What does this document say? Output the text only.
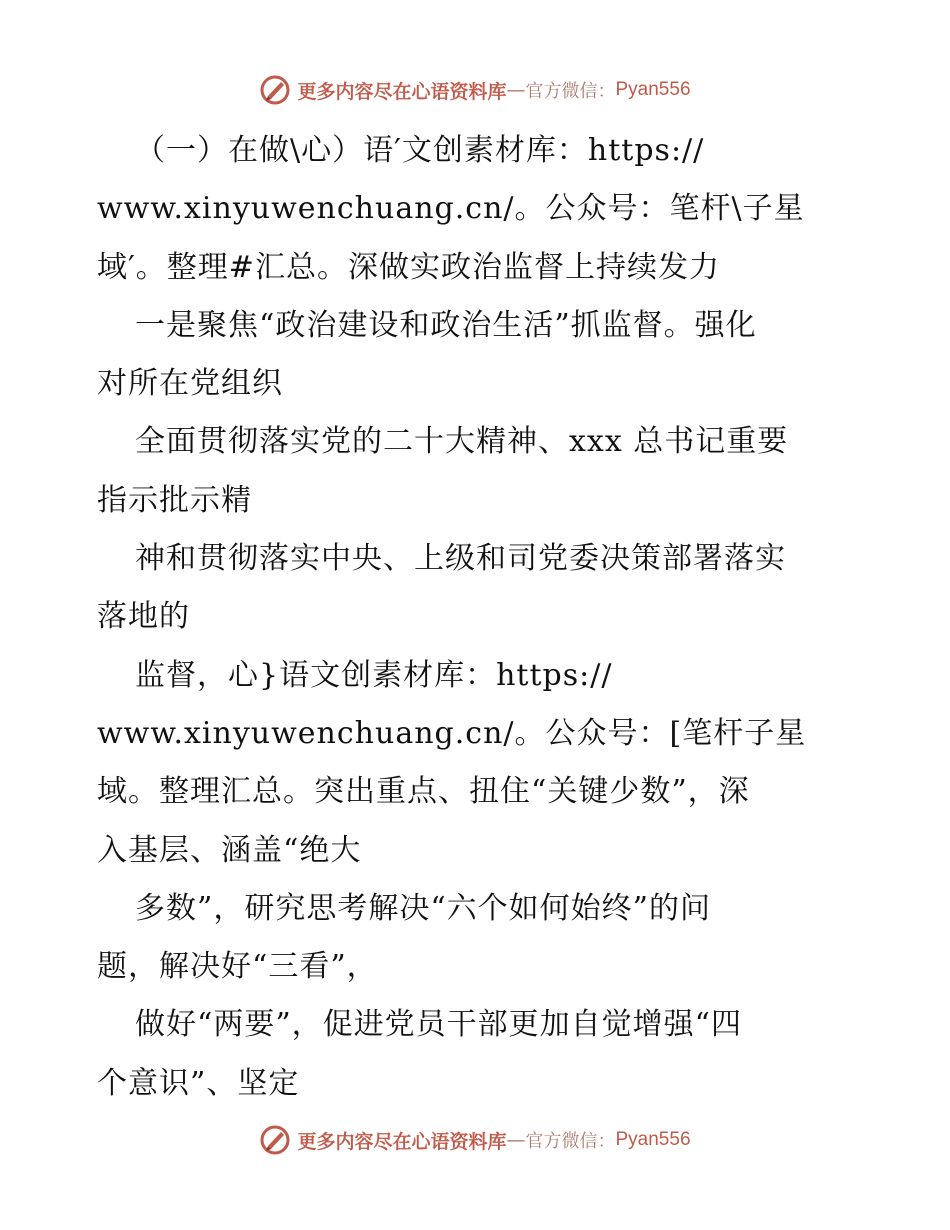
更多内容尽在心语资料库 — 官方微信： Pyan556
（一）在做\心）语′文创素材库：https://
www.xinyuwenchuang.cn/。公众号：笔杆\子星
域′。整理#汇总。深做实政治监督上持续发力
一是聚焦“政治建设和政治生活”抓监督。强化
对所在党组织
全面贯彻落实党的二十大精神、xxx 总书记重要
指示批示精
神和贯彻落实中央、上级和司党委决策部署落实
落地的
监督，心}语文创素材库：https://
www.xinyuwenchuang.cn/。公众号：[笔杆子星
域。整理汇总。突出重点、扭住“关键少数”，深
入基层、涵盖“绝大
多数”，研究思考解决“六个如何始终”的问
题，解决好“三看”，
做好“两要”，促进党员干部更加自觉增强“四
个意识”、坚定
更多内容尽在心语资料库 — 官方微信： Pyan556
